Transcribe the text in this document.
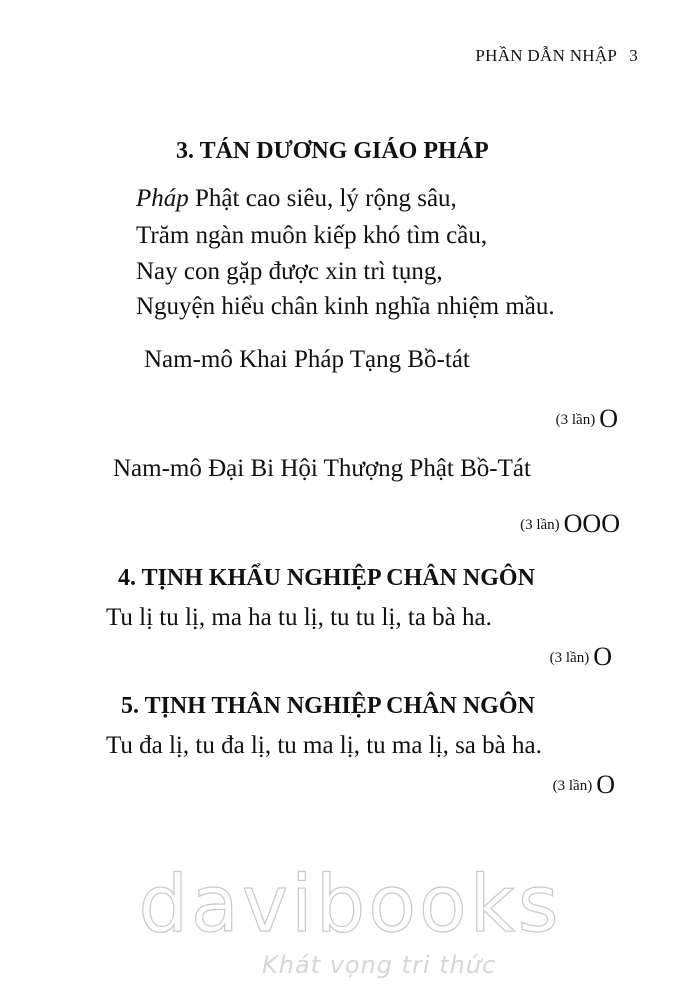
PHẦN DẪN NHẬP 3
3. TÁN DƯƠNG GIÁO PHÁP
Pháp Phật cao siêu, lý rộng sâu,
Trăm ngàn muôn kiếp khó tìm cầu,
Nay con gặp được xin trì tụng,
Nguyện hiểu chân kinh nghĩa nhiệm mầu.
Nam-mô Khai Pháp Tạng Bồ-tát
(3 lần) O
Nam-mô Đại Bi Hội Thượng Phật Bồ-Tát
(3 lần) OOO
4. TỊNH KHẨU NGHIỆP CHÂN NGÔN
Tu lị tu lị, ma ha tu lị, tu tu lị, ta bà ha.
(3 lần) O
5. TỊNH THÂN NGHIỆP CHÂN NGÔN
Tu đa lị, tu đa lị, tu ma lị, tu ma lị, sa bà ha.
(3 lần) O
davibooks
Khát vọng tri thức
